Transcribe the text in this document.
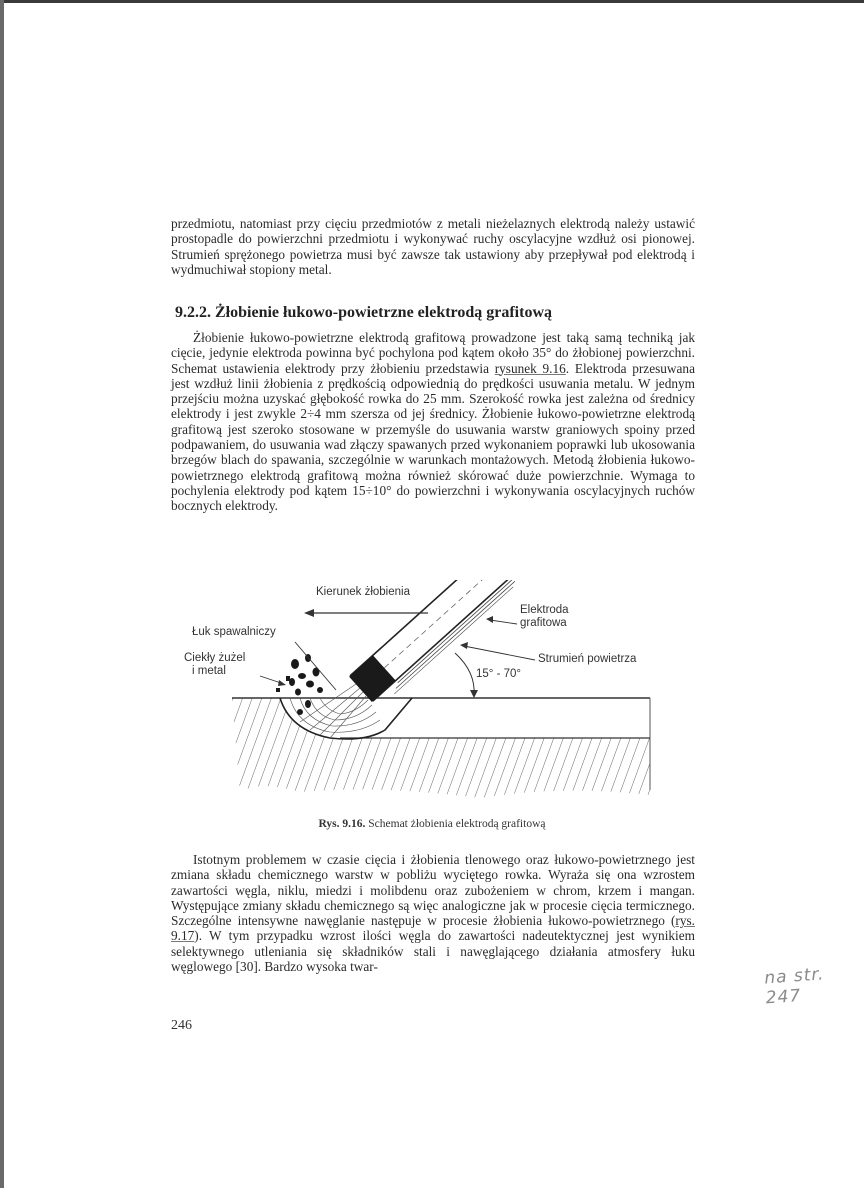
przedmiotu, natomiast przy cięciu przedmiotów z metali nieżelaznych elektrodą należy ustawić prostopadle do powierzchni przedmiotu i wykonywać ruchy oscylacyjne wzdłuż osi pionowej. Strumień sprężonego powietrza musi być zawsze tak ustawiony aby przepływał pod elektrodą i wydmuchiwał stopiony metal.

9.2.2. Żłobienie łukowo-powietrzne elektrodą grafitową

Żłobienie łukowo-powietrzne elektrodą grafitową prowadzone jest taką samą techniką jak cięcie, jedynie elektroda powinna być pochylona pod kątem około 35° do żłobionej powierzchni. Schemat ustawienia elektrody przy żłobieniu przedstawia rysunek 9.16. Elektroda przesuwana jest wzdłuż linii żłobienia z prędkością odpowiednią do prędkości usuwania metalu. W jednym przejściu można uzyskać głębokość rowka do 25 mm. Szerokość rowka jest zależna od średnicy elektrody i jest zwykle 2÷4 mm szersza od jej średnicy. Żłobienie łukowo-powietrzne elektrodą grafitową jest szeroko stosowane w przemyśle do usuwania warstw graniowych spoiny przed podpawaniem, do usuwania wad złączy spawanych przed wykonaniem poprawki lub ukosowania brzegów blach do spawania, szczególnie w warunkach montażowych. Metodą żłobienia łukowo-powietrznego elektrodą grafitową można również skórować duże powierzchnie. Wymaga to pochylenia elektrody pod kątem 15÷10° do powierzchni i wykonywania oscylacyjnych ruchów bocznych elektrody.

Kierunek żłobienia
Łuk spawalniczy
Ciekły żużel
i metal
Elektroda
grafitowa
Strumień powietrza
15° - 70°
Rys. 9.16. Schemat żłobienia elektrodą grafitową

Istotnym problemem w czasie cięcia i żłobienia tlenowego oraz łukowo-powietrznego jest zmiana składu chemicznego warstw w pobliżu wyciętego rowka. Wyraża się ona wzrostem zawartości węgla, niklu, miedzi i molibdenu oraz zubożeniem w chrom, krzem i mangan. Występujące zmiany składu chemicznego są więc analogiczne jak w procesie cięcia termicznego. Szczególne intensywne nawęglanie następuje w procesie żłobienia łukowo-powietrznego (rys. 9.17). W tym przypadku wzrost ilości węgla do zawartości nadeutektycznej jest wynikiem selektywnego utleniania się składników stali i nawęglającego działania atmosfery łuku węglowego [30]. Bardzo wysoka twar-

246
na str. 247
